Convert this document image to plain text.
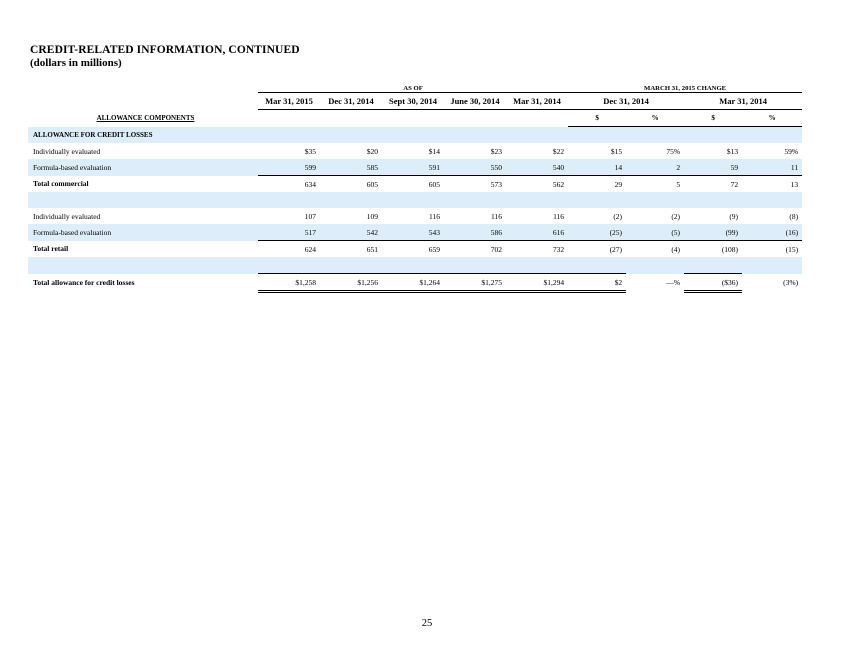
CREDIT-RELATED INFORMATION, CONTINUED
(dollars in millions)
	AS OF					MARCH 31, 2015 CHANGE			
	Mar 31, 2015	Dec 31, 2014	Sept 30, 2014	June 30, 2014	Mar 31, 2014	Dec 31, 2014		Mar 31, 2014	
ALLOWANCE COMPONENTS						$	%	$	%
ALLOWANCE FOR CREDIT LOSSES									
Individually evaluated	$35	$20	$14	$23	$22	$15	75%	$13	59%
Formula-based evaluation	599	585	591	550	540	14	2	59	11
Total commercial	634	605	605	573	562	29	5	72	13

Individually evaluated	107	109	116	116	116	(2)	(2)	(9)	(8)
Formula-based evaluation	517	542	543	586	616	(25)	(5)	(99)	(16)
Total retail	624	651	659	702	732	(27)	(4)	(108)	(15)

Total allowance for credit losses	$1,258	$1,256	$1,264	$1,275	$1,294	$2	—%	($36)	(3%)
25
